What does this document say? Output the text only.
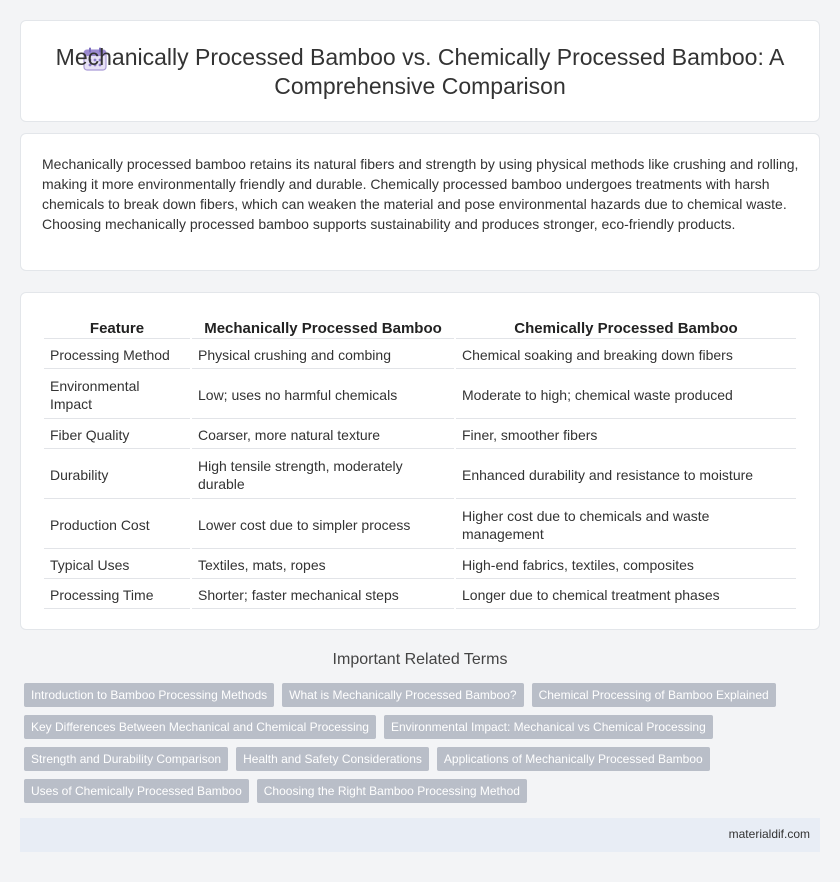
Mechanically Processed Bamboo vs. Chemically Processed Bamboo: A Comprehensive Comparison

Mechanically processed bamboo retains its natural fibers and strength by using physical methods like crushing and rolling, making it more environmentally friendly and durable. Chemically processed bamboo undergoes treatments with harsh chemicals to break down fibers, which can weaken the material and pose environmental hazards due to chemical waste. Choosing mechanically processed bamboo supports sustainability and produces stronger, eco-friendly products.

Feature	Mechanically Processed Bamboo	Chemically Processed Bamboo
Processing Method	Physical crushing and combing	Chemical soaking and breaking down fibers
Environmental Impact	Low; uses no harmful chemicals	Moderate to high; chemical waste produced
Fiber Quality	Coarser, more natural texture	Finer, smoother fibers
Durability	High tensile strength, moderately durable	Enhanced durability and resistance to moisture
Production Cost	Lower cost due to simpler process	Higher cost due to chemicals and waste management
Typical Uses	Textiles, mats, ropes	High-end fabrics, textiles, composites
Processing Time	Shorter; faster mechanical steps	Longer due to chemical treatment phases
Important Related Terms
Introduction to Bamboo Processing Methods	What is Mechanically Processed Bamboo?	Chemical Processing of Bamboo Explained
Key Differences Between Mechanical and Chemical Processing	Environmental Impact: Mechanical vs Chemical Processing
Strength and Durability Comparison	Health and Safety Considerations	Applications of Mechanically Processed Bamboo
Uses of Chemically Processed Bamboo	Choosing the Right Bamboo Processing Method
materialdif.com
